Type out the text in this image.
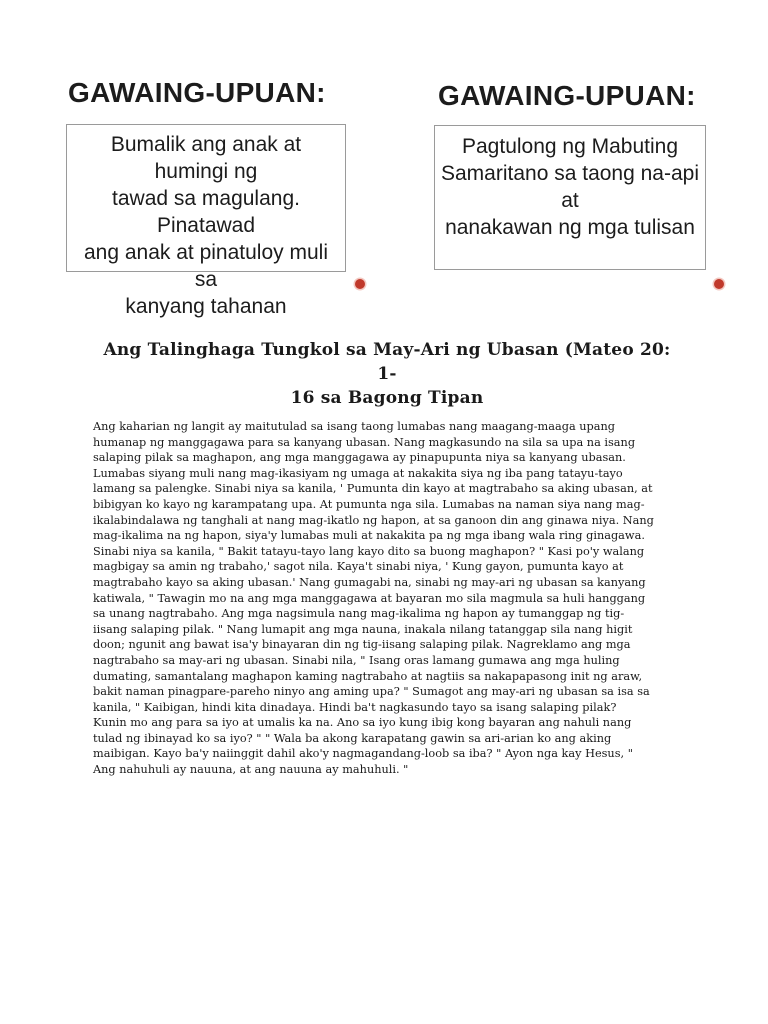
GAWAING-UPUAN:
Bumalik ang anak at humingi ng
tawad sa magulang. Pinatawad
ang anak at pinatuloy muli sa
kanyang tahanan
GAWAING-UPUAN:
Pagtulong ng Mabuting
Samaritano sa taong na-api at
nanakawan ng mga tulisan
Ang Talinghaga Tungkol sa May-Ari ng Ubasan (Mateo 20: 1-
16 sa Bagong Tipan
Ang kaharian ng langit ay maitutulad sa isang taong lumabas nang maagang-maaga upang
humanap ng manggagawa para sa kanyang ubasan. Nang magkasundo na sila sa upa na isang
salaping pilak sa maghapon, ang mga manggagawa ay pinapupunta niya sa kanyang ubasan.
Lumabas siyang muli nang mag-ikasiyam ng umaga at nakakita siya ng iba pang tatayu-tayo
lamang sa palengke. Sinabi niya sa kanila, ' Pumunta din kayo at magtrabaho sa aking ubasan, at
bibigyan ko kayo ng karampatang upa. At pumunta nga sila. Lumabas na naman siya nang mag-
ikalabindalawa ng tanghali at nang mag-ikatlo ng hapon, at sa ganoon din ang ginawa niya. Nang
mag-ikalima na ng hapon, siya'y lumabas muli at nakakita pa ng mga ibang wala ring ginagawa.
Sinabi niya sa kanila, " Bakit tatayu-tayo lang kayo dito sa buong maghapon? " Kasi po'y walang
magbigay sa amin ng trabaho,' sagot nila. Kaya't sinabi niya, ' Kung gayon, pumunta kayo at
magtrabaho kayo sa aking ubasan.' Nang gumagabi na, sinabi ng may-ari ng ubasan sa kanyang
katiwala, " Tawagin mo na ang mga manggagawa at bayaran mo sila magmula sa huli hanggang
sa unang nagtrabaho. Ang mga nagsimula nang mag-ikalima ng hapon ay tumanggap ng tig-
iisang salaping pilak. " Nang lumapit ang mga nauna, inakala nilang tatanggap sila nang higit
doon; ngunit ang bawat isa'y binayaran din ng tig-iisang salaping pilak. Nagreklamo ang mga
nagtrabaho sa may-ari ng ubasan. Sinabi nila, " Isang oras lamang gumawa ang mga huling
dumating, samantalang maghapon kaming nagtrabaho at nagtiis sa nakapapasong init ng araw,
bakit naman pinagpare-pareho ninyo ang aming upa? " Sumagot ang may-ari ng ubasan sa isa sa
kanila, " Kaibigan, hindi kita dinadaya. Hindi ba't nagkasundo tayo sa isang salaping pilak?
Kunin mo ang para sa iyo at umalis ka na. Ano sa iyo kung ibig kong bayaran ang nahuli nang
tulad ng ibinayad ko sa iyo? " " Wala ba akong karapatang gawin sa ari-arian ko ang aking
maibigan. Kayo ba'y naiinggit dahil ako'y nagmagandang-loob sa iba? " Ayon nga kay Hesus, "
Ang nahuhuli ay nauuna, at ang nauuna ay mahuhuli. "
